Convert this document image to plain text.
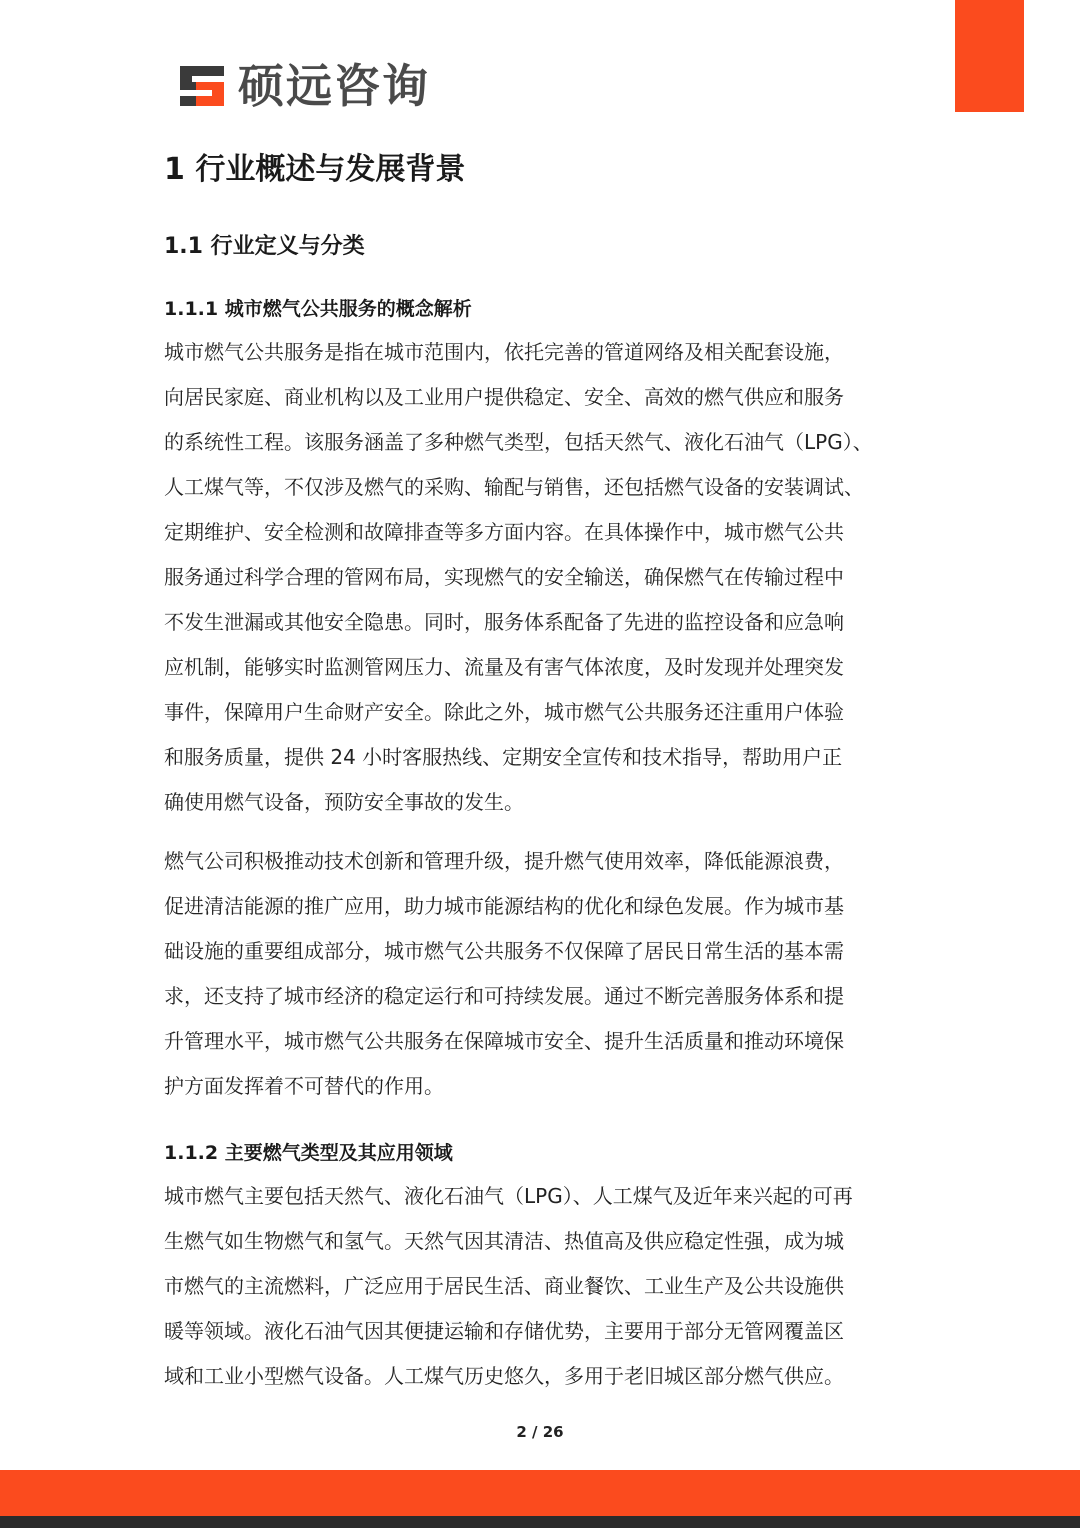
硕远咨询
1 行业概述与发展背景
1.1 行业定义与分类
1.1.1 城市燃气公共服务的概念解析
城市燃气公共服务是指在城市范围内，依托完善的管道网络及相关配套设施，
向居民家庭、商业机构以及工业用户提供稳定、安全、高效的燃气供应和服务
的系统性工程。该服务涵盖了多种燃气类型，包括天然气、液化石油气（LPG）、
人工煤气等，不仅涉及燃气的采购、输配与销售，还包括燃气设备的安装调试、
定期维护、安全检测和故障排查等多方面内容。在具体操作中，城市燃气公共
服务通过科学合理的管网布局，实现燃气的安全输送，确保燃气在传输过程中
不发生泄漏或其他安全隐患。同时，服务体系配备了先进的监控设备和应急响
应机制，能够实时监测管网压力、流量及有害气体浓度，及时发现并处理突发
事件，保障用户生命财产安全。除此之外，城市燃气公共服务还注重用户体验
和服务质量，提供 24 小时客服热线、定期安全宣传和技术指导，帮助用户正
确使用燃气设备，预防安全事故的发生。
燃气公司积极推动技术创新和管理升级，提升燃气使用效率，降低能源浪费，
促进清洁能源的推广应用，助力城市能源结构的优化和绿色发展。作为城市基
础设施的重要组成部分，城市燃气公共服务不仅保障了居民日常生活的基本需
求，还支持了城市经济的稳定运行和可持续发展。通过不断完善服务体系和提
升管理水平，城市燃气公共服务在保障城市安全、提升生活质量和推动环境保
护方面发挥着不可替代的作用。
1.1.2 主要燃气类型及其应用领域
城市燃气主要包括天然气、液化石油气（LPG）、人工煤气及近年来兴起的可再
生燃气如生物燃气和氢气。天然气因其清洁、热值高及供应稳定性强，成为城
市燃气的主流燃料，广泛应用于居民生活、商业餐饮、工业生产及公共设施供
暖等领域。液化石油气因其便捷运输和存储优势，主要用于部分无管网覆盖区
域和工业小型燃气设备。人工煤气历史悠久，多用于老旧城区部分燃气供应。
2 / 26
